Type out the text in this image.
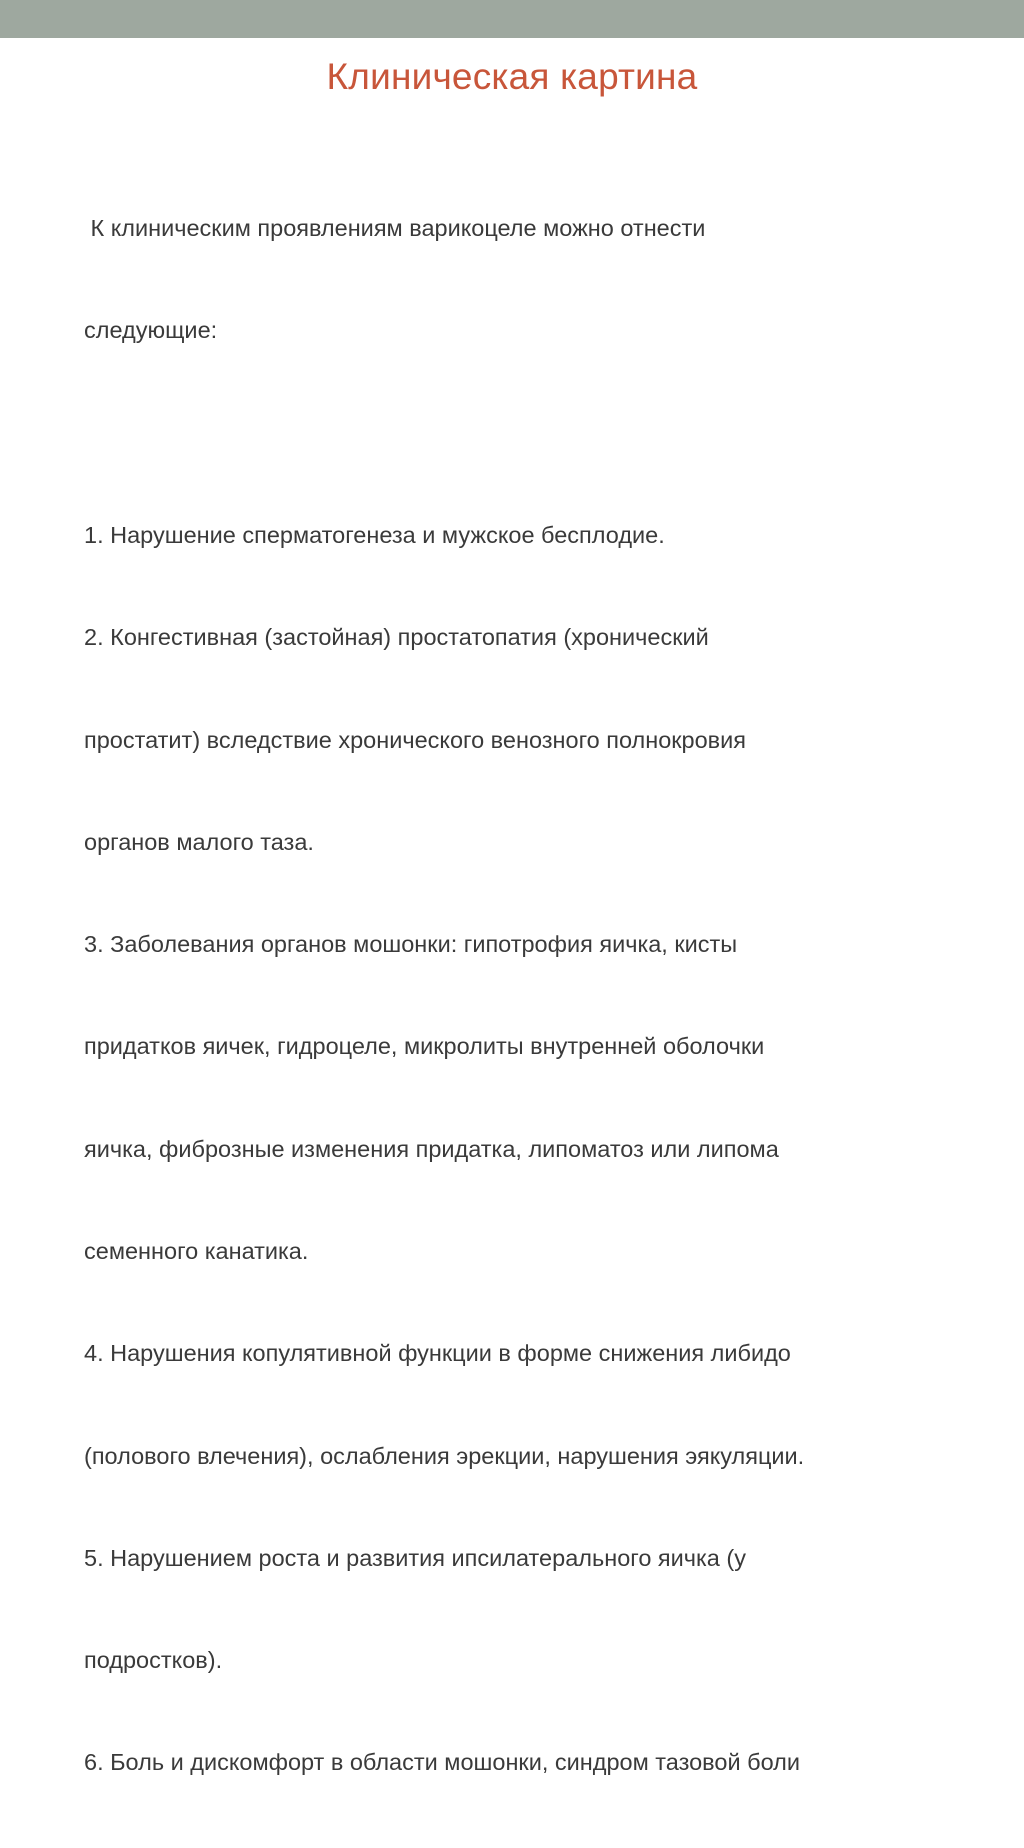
Клиническая картина

К клиническим проявлениям варикоцеле можно отнести

следующие:

1. Нарушение сперматогенеза и мужское бесплодие.

2. Конгестивная (застойная) простатопатия (хронический

простатит) вследствие хронического венозного полнокровия

органов малого таза.

3. Заболевания органов мошонки: гипотрофия яичка, кисты

придатков яичек, гидроцеле, микролиты внутренней оболочки

яичка, фиброзные изменения придатка, липоматоз или липома

семенного канатика.

4. Нарушения копулятивной функции в форме снижения либидо

(полового влечения), ослабления эрекции, нарушения эякуляции.

5. Нарушением роста и развития ипсилатерального яичка (у

подростков).

6. Боль и дискомфорт в области мошонки, синдром тазовой боли
